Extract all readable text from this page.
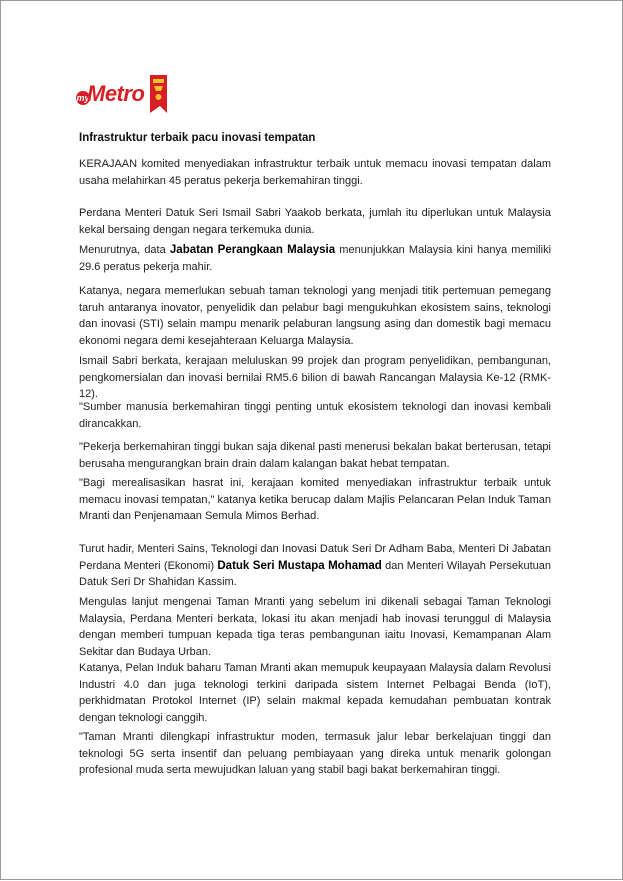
my
Metro
Infrastruktur terbaik pacu inovasi tempatan

KERAJAAN komited menyediakan infrastruktur terbaik untuk memacu inovasi tempatan dalam usaha melahirkan 45 peratus pekerja berkemahiran tinggi.

Perdana Menteri Datuk Seri Ismail Sabri Yaakob berkata, jumlah itu diperlukan untuk Malaysia kekal bersaing dengan negara terkemuka dunia.

Menurutnya, data Jabatan Perangkaan Malaysia menunjukkan Malaysia kini hanya memiliki 29.6 peratus pekerja mahir.

Katanya, negara memerlukan sebuah taman teknologi yang menjadi titik pertemuan pemegang taruh antaranya inovator, penyelidik dan pelabur bagi mengukuhkan ekosistem sains, teknologi dan inovasi (STI) selain mampu menarik pelaburan langsung asing dan domestik bagi memacu ekonomi negara demi kesejahteraan Keluarga Malaysia.

Ismail Sabri berkata, kerajaan meluluskan 99 projek dan program penyelidikan, pembangunan, pengkomersialan dan inovasi bernilai RM5.6 bilion di bawah Rancangan Malaysia Ke-12 (RMK-12).

"Sumber manusia berkemahiran tinggi penting untuk ekosistem teknologi dan inovasi kembali dirancakkan.

"Pekerja berkemahiran tinggi bukan saja dikenal pasti menerusi bekalan bakat berterusan, tetapi berusaha mengurangkan brain drain dalam kalangan bakat hebat tempatan.

"Bagi merealisasikan hasrat ini, kerajaan komited menyediakan infrastruktur terbaik untuk memacu inovasi tempatan," katanya ketika berucap dalam Majlis Pelancaran Pelan Induk Taman Mranti dan Penjenamaan Semula Mimos Berhad.

Turut hadir, Menteri Sains, Teknologi dan Inovasi Datuk Seri Dr Adham Baba, Menteri Di Jabatan Perdana Menteri (Ekonomi) Datuk Seri Mustapa Mohamad dan Menteri Wilayah Persekutuan Datuk Seri Dr Shahidan Kassim.

Mengulas lanjut mengenai Taman Mranti yang sebelum ini dikenali sebagai Taman Teknologi Malaysia, Perdana Menteri berkata, lokasi itu akan menjadi hab inovasi terunggul di Malaysia dengan memberi tumpuan kepada tiga teras pembangunan iaitu Inovasi, Kemampanan Alam Sekitar dan Budaya Urban.

Katanya, Pelan Induk baharu Taman Mranti akan memupuk keupayaan Malaysia dalam Revolusi Industri 4.0 dan juga teknologi terkini daripada sistem Internet Pelbagai Benda (IoT), perkhidmatan Protokol Internet (IP) selain makmal kepada kemudahan pembuatan kontrak dengan teknologi canggih.

"Taman Mranti dilengkapi infrastruktur moden, termasuk jalur lebar berkelajuan tinggi dan teknologi 5G serta insentif dan peluang pembiayaan yang direka untuk menarik golongan profesional muda serta mewujudkan laluan yang stabil bagi bakat berkemahiran tinggi.
